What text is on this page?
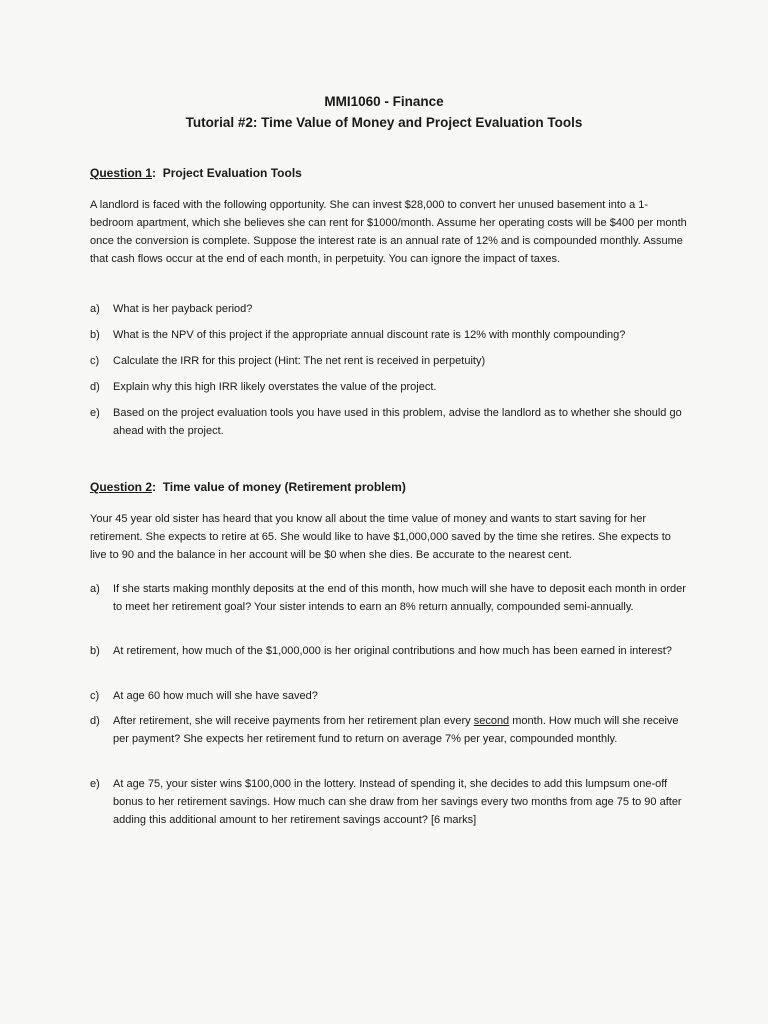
MMI1060 - Finance
Tutorial #2: Time Value of Money and Project Evaluation Tools
Question 1:  Project Evaluation Tools
A landlord is faced with the following opportunity. She can invest $28,000 to convert her unused basement into a 1-bedroom apartment, which she believes she can rent for $1000/month. Assume her operating costs will be $400 per month once the conversion is complete. Suppose the interest rate is an annual rate of 12% and is compounded monthly. Assume that cash flows occur at the end of each month, in perpetuity. You can ignore the impact of taxes.
a)	What is her payback period?
b)	What is the NPV of this project if the appropriate annual discount rate is 12% with monthly compounding?
c)	Calculate the IRR for this project (Hint: The net rent is received in perpetuity)
d)	Explain why this high IRR likely overstates the value of the project.
e)	Based on the project evaluation tools you have used in this problem, advise the landlord as to whether she should go ahead with the project.
Question 2:  Time value of money (Retirement problem)
Your 45 year old sister has heard that you know all about the time value of money and wants to start saving for her retirement. She expects to retire at 65. She would like to have $1,000,000 saved by the time she retires. She expects to live to 90 and the balance in her account will be $0 when she dies. Be accurate to the nearest cent.
a)	If she starts making monthly deposits at the end of this month, how much will she have to deposit each month in order to meet her retirement goal? Your sister intends to earn an 8% return annually, compounded semi-annually.
b)	At retirement, how much of the $1,000,000 is her original contributions and how much has been earned in interest?
c)	At age 60 how much will she have saved?
d)	After retirement, she will receive payments from her retirement plan every second month. How much will she receive per payment? She expects her retirement fund to return on average 7% per year, compounded monthly.
e)	At age 75, your sister wins $100,000 in the lottery. Instead of spending it, she decides to add this lumpsum one-off bonus to her retirement savings. How much can she draw from her savings every two months from age 75 to 90 after adding this additional amount to her retirement savings account? [6 marks]
